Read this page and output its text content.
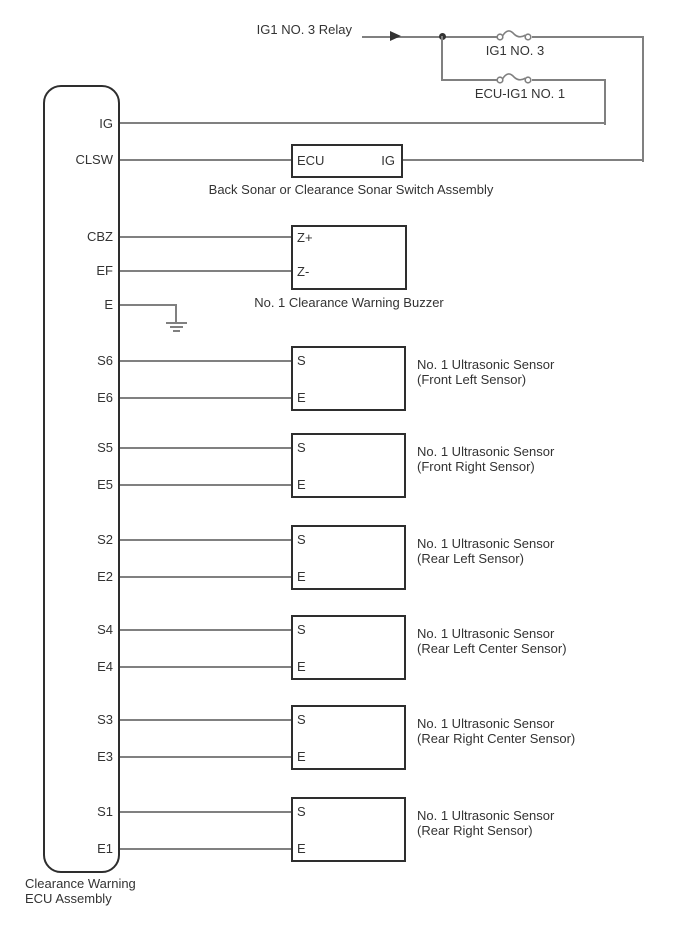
IG
CLSW
CBZ
EF
E
S6
E6
S5
E5
S2
E2
S4
E4
S3
E3
S1
E1
IG1 NO. 3 Relay
IG1 NO. 3
ECU-IG1 NO. 1
ECU	IG
Back Sonar or Clearance Sonar Switch Assembly
Z+
Z-
No. 1 Clearance Warning Buzzer
S
E
No. 1 Ultrasonic Sensor
(Front Left Sensor)
S
E
No. 1 Ultrasonic Sensor
(Front Right Sensor)
S
E
No. 1 Ultrasonic Sensor
(Rear Left Sensor)
S
E
No. 1 Ultrasonic Sensor
(Rear Left Center Sensor)
S
E
No. 1 Ultrasonic Sensor
(Rear Right Center Sensor)
S
E
No. 1 Ultrasonic Sensor
(Rear Right Sensor)
Clearance Warning
ECU Assembly
